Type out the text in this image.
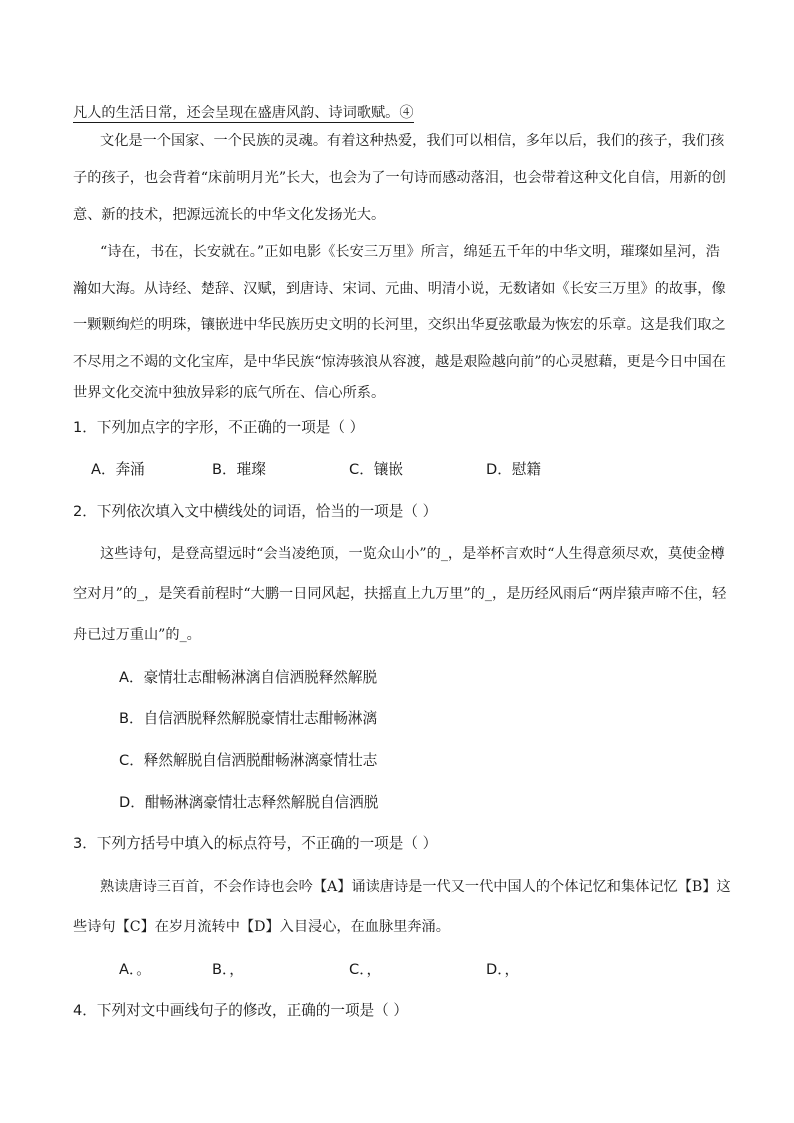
凡人的生活日常，还会呈现在盛唐风韵、诗词歌赋。④
文化是一个国家、一个民族的灵魂。有着这种热爱，我们可以相信，多年以后，我们的孩子，我们孩
子的孩子，也会背着“床前明月光”长大，也会为了一句诗而感动落泪，也会带着这种文化自信，用新的创
意、新的技术，把源远流长的中华文化发扬光大。
“诗在，书在，长安就在。”正如电影《长安三万里》所言，绵延五千年的中华文明，璀璨如星河，浩
瀚如大海。从诗经、楚辞、汉赋，到唐诗、宋词、元曲、明清小说，无数诸如《长安三万里》的故事，像
一颗颗绚烂的明珠，镶嵌进中华民族历史文明的长河里，交织出华夏弦歌最为恢宏的乐章。这是我们取之
不尽用之不竭的文化宝库，是中华民族“惊涛骇浪从容渡，越是艰险越向前”的心灵慰藉，更是今日中国在
世界文化交流中独放异彩的底气所在、信心所系。
1．下列加点字的字形，不正确的一项是（ ）
A．奔涌	B．璀璨	C．镶嵌	D．慰籍
2．下列依次填入文中横线处的词语，恰当的一项是（ ）
这些诗句，是登高望远时“会当凌绝顶，一览众山小”的_，是举杯言欢时“人生得意须尽欢，莫使金樽
空对月”的_，是笑看前程时“大鹏一日同风起，扶摇直上九万里”的_，是历经风雨后“两岸猿声啼不住，轻
舟已过万重山”的_。
A．豪情壮志酣畅淋漓自信洒脱释然解脱
B．自信洒脱释然解脱豪情壮志酣畅淋漓
C．释然解脱自信洒脱酣畅淋漓豪情壮志
D．酣畅淋漓豪情壮志释然解脱自信洒脱
3．下列方括号中填入的标点符号，不正确的一项是（ ）
熟读唐诗三百首，不会作诗也会吟【A】诵读唐诗是一代又一代中国人的个体记忆和集体记忆【B】这
些诗句【C】在岁月流转中【D】入目浸心，在血脉里奔涌。
A．。	B．，	C．，	D．，
4．下列对文中画线句子的修改，正确的一项是（ ）
